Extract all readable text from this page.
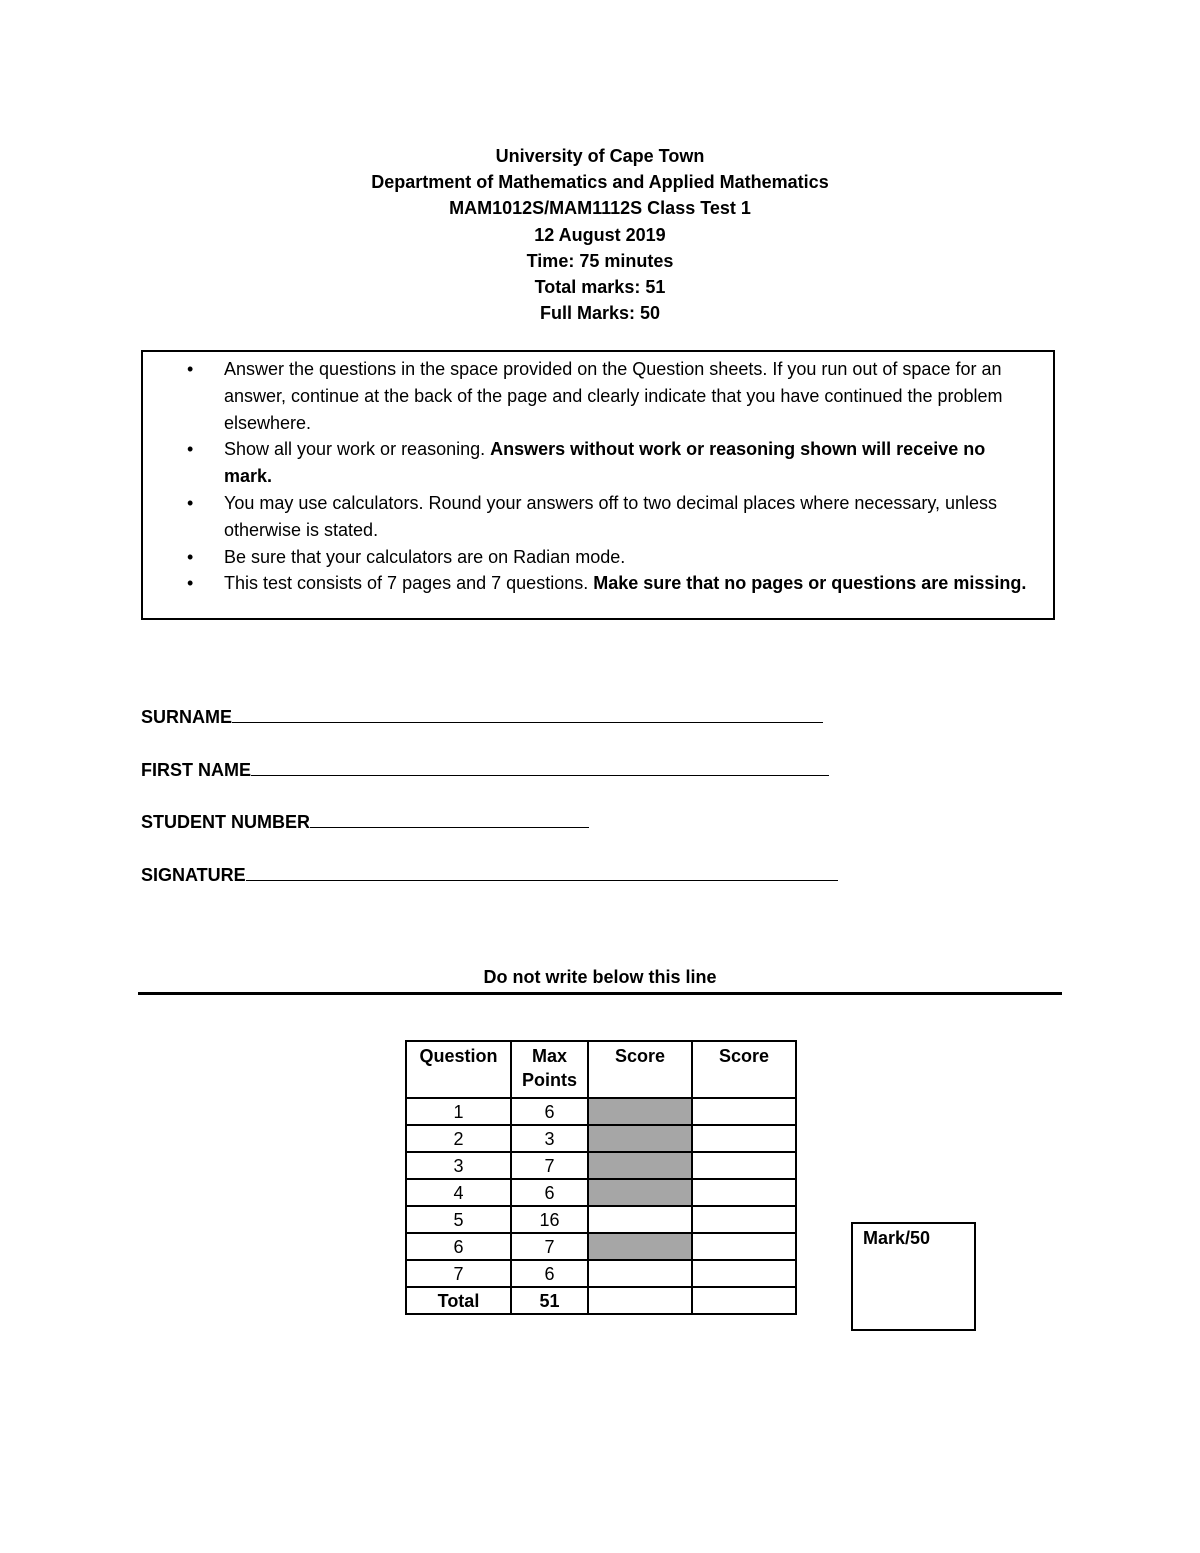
University of Cape Town
Department of Mathematics and Applied Mathematics
MAM1012S/MAM1112S Class Test 1
12 August 2019
Time: 75 minutes
Total marks: 51
Full Marks: 50
• Answer the questions in the space provided on the Question sheets. If you run out of space for an answer, continue at the back of the page and clearly indicate that you have continued the problem elsewhere.
• Show all your work or reasoning. Answers without work or reasoning shown will receive no mark.
• You may use calculators. Round your answers off to two decimal places where necessary, unless otherwise is stated.
• Be sure that your calculators are on Radian mode.
• This test consists of 7 pages and 7 questions. Make sure that no pages or questions are missing.
SURNAME
FIRST NAME
STUDENT NUMBER
SIGNATURE
Do not write below this line
Question	Max Points	Score	Score
1	6		
2	3		
3	7		
4	6		
5	16		
6	7		
7	6		
Total	51		
Mark/50
